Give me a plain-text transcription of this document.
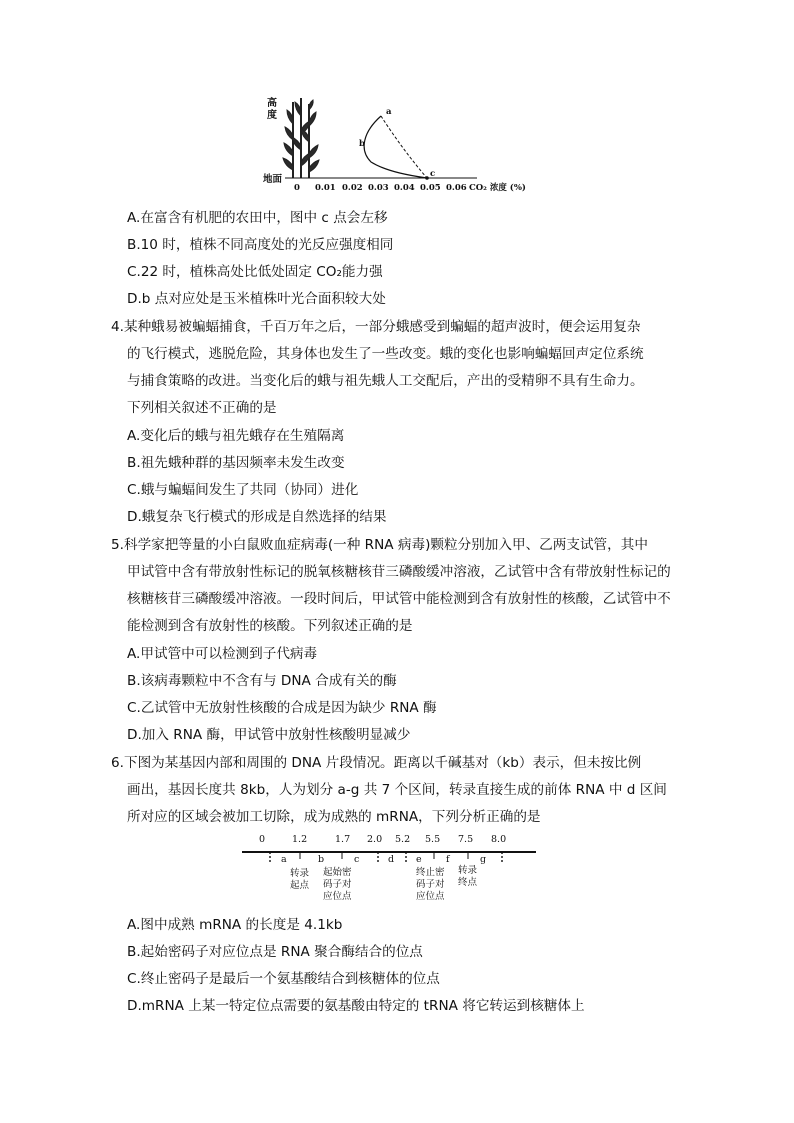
高
度
地面
0 0.01 0.02 0.03 0.04 0.05 0.06 CO₂ 浓度 (%)
a
b
c
A.在富含有机肥的农田中，图中 c 点会左移
B.10 时，植株不同高度处的光反应强度相同
C.22 时，植株高处比低处固定 CO₂能力强
D.b 点对应处是玉米植株叶光合面积较大处
4.某种蛾易被蝙蝠捕食，千百万年之后，一部分蛾感受到蝙蝠的超声波时，便会运用复杂
的飞行模式，逃脱危险，其身体也发生了一些改变。蛾的变化也影响蝙蝠回声定位系统
与捕食策略的改进。当变化后的蛾与祖先蛾人工交配后，产出的受精卵不具有生命力。
下列相关叙述不正确的是
A.变化后的蛾与祖先蛾存在生殖隔离
B.祖先蛾种群的基因频率未发生改变
C.蛾与蝙蝠间发生了共同（协同）进化
D.蛾复杂飞行模式的形成是自然选择的结果
5.科学家把等量的小白鼠败血症病毒(一种 RNA 病毒)颗粒分别加入甲、乙两支试管，其中
甲试管中含有带放射性标记的脱氧核糖核苷三磷酸缓冲溶液，乙试管中含有带放射性标记的
核糖核苷三磷酸缓冲溶液。一段时间后，甲试管中能检测到含有放射性的核酸，乙试管中不
能检测到含有放射性的核酸。下列叙述正确的是
A.甲试管中可以检测到子代病毒
B.该病毒颗粒中不含有与 DNA 合成有关的酶
C.乙试管中无放射性核酸的合成是因为缺少 RNA 酶
D.加入 RNA 酶，甲试管中放射性核酸明显减少
6.下图为某基因内部和周围的 DNA 片段情况。距离以千碱基对（kb）表示，但未按比例
画出，基因长度共 8kb，人为划分 a-g 共 7 个区间，转录直接生成的前体 RNA 中 d 区间
所对应的区域会被加工切除，成为成熟的 mRNA，下列分析正确的是
0	1.2	1.7 2.0 5.2 5.5 7.5 8.0
a	b	c	d e	f	g
转录
起点
起始密
码子对
应位点
终止密
码子对
应位点
转录
终点
A.图中成熟 mRNA 的长度是 4.1kb
B.起始密码子对应位点是 RNA 聚合酶结合的位点
C.终止密码子是最后一个氨基酸结合到核糖体的位点
D.mRNA 上某一特定位点需要的氨基酸由特定的 tRNA 将它转运到核糖体上
